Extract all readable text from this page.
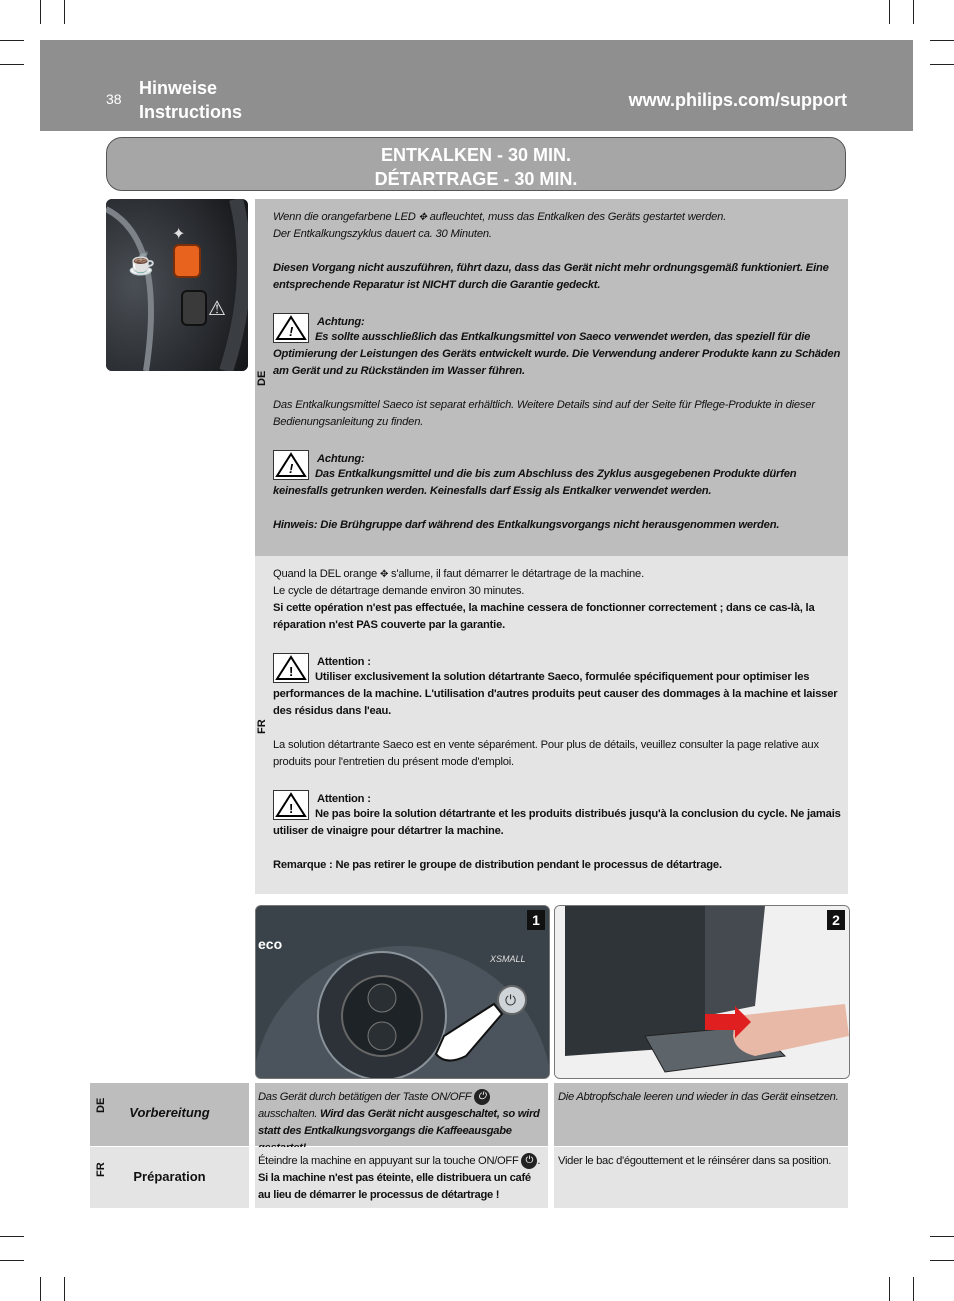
38
Hinweise
Instructions
www.philips.com/support
ENTKALKEN - 30 MIN.
DÉTARTRAGE - 30 MIN.
☕
✦
⚠

Wenn die orangefarbene LED ✥ aufleuchtet, muss das Entkalken des Geräts gestartet werden.

Der Entkalkungszyklus dauert ca. 30 Minuten.

Diesen Vorgang nicht auszuführen, führt dazu, dass das Gerät nicht mehr ordnungsgemäß funktioniert. Eine entsprechende Reparatur ist NICHT durch die Garantie gedeckt.

!

Achtung:

Es sollte ausschließlich das Entkalkungsmittel von Saeco verwendet werden, das speziell für die Optimierung der Leistungen des Geräts entwickelt wurde. Die Verwendung anderer Produkte kann zu Schäden am Gerät und zu Rückständen im Wasser führen.

Das Entkalkungsmittel Saeco ist separat erhältlich. Weitere Details sind auf der Seite für Pflege-Produkte in dieser Bedienungsanleitung zu finden.

!

Achtung:

Das Entkalkungsmittel und die bis zum Abschluss des Zyklus ausgegebenen Produkte dürfen keinesfalls getrunken werden. Keinesfalls darf Essig als Entkalker verwendet werden.

Hinweis: Die Brühgruppe darf während des Entkalkungsvorgangs nicht herausgenommen werden.

DE

Quand la DEL orange ✥ s'allume, il faut démarrer le détartrage de la machine.

Le cycle de détartrage demande environ 30 minutes.

Si cette opération n'est pas effectuée, la machine cessera de fonctionner correctement ; dans ce cas-là, la réparation n'est PAS couverte par la garantie.

!

Attention :

Utiliser exclusivement la solution détartrante Saeco, formulée spécifiquement pour optimiser les performances de la machine. L'utilisation d'autres produits peut causer des dommages à la machine et laisser des résidus dans l'eau.

La solution détartrante Saeco est en vente séparément. Pour plus de détails, veuillez consulter la page relative aux produits pour l'entretien du présent mode d'emploi.

!

Attention :

Ne pas boire la solution détartrante et les produits distribués jusqu'à la conclusion du cycle. Ne jamais utiliser de vinaigre pour détartrer la machine.

Remarque : Ne pas retirer le groupe de distribution pendant le processus de détartrage.

FR
⏻
eco
XSMALL
1	2
DE	Vorbereitung
Das Gerät durch betätigen der Taste ON/OFF ⏻ ausschalten. Wird das Gerät nicht ausgeschaltet, so wird statt des Entkalkungsvorgangs die Kaffeeausgabe
Die Abtropfschale leeren und wieder in das Gerät einsetzen.
FR	Préparation
Éteindre la machine en appuyant sur la touche ON/OFF ⏻ . Si la machine n'est pas éteinte, elle distribuera un café au lieu de démarrer le processus de détartrage !
Vider le bac d'égouttement et le réinsérer dans sa position.
